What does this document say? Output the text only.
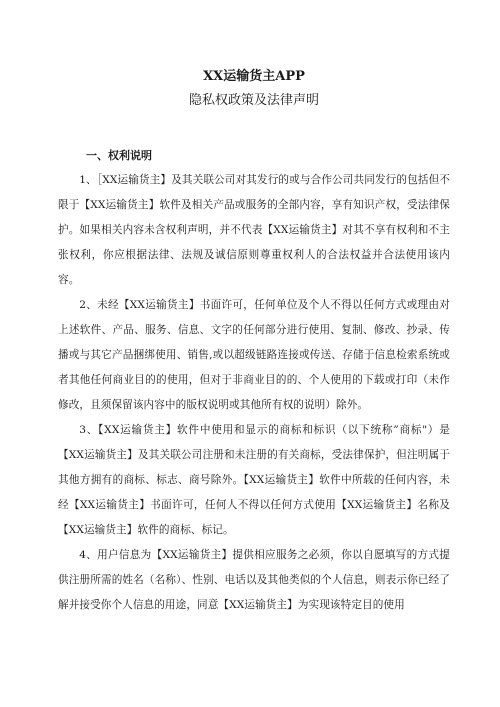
XX运输货主APP
隐私权政策及法律声明
一、权利说明

1、［XX运输货主】及其关联公司对其发行的或与合作公司共同发行的包括但不限于【XX运输货主】软件及相关产品或服务的全部内容，享有知识产权，受法律保护。如果相关内容未含权利声明，并不代表【XX运输货主】对其不享有权利和不主张权利，你应根据法律、法规及诚信原则尊重权利人的合法权益并合法使用该内容。

2、未经【XX运输货主】书面许可，任何单位及个人不得以任何方式或理由对上述软件、产品、服务、信息、文字的任何部分进行使用、复制、修改、抄录、传播或与其它产品捆绑使用、销售,或以超级链路连接或传送、存储于信息检索系统或者其他任何商业目的的使用，但对于非商业目的的、个人使用的下载或打印（未作修改，且须保留该内容中的版权说明或其他所有权的说明）除外。

3、【XX运输货主】软件中使用和显示的商标和标识（以下统称”商标"）是【XX运输货主】及其关联公司注册和未注册的有关商标，受法律保护，但注明属于其他方拥有的商标、标志、商号除外。【XX运输货主】软件中所载的任何内容，未经【XX运输货主】书面许可，任何人不得以任何方式使用【XX运输货主】名称及【XX运输货主】软件的商标、标记。

4、用户信息为【XX运输货主】提供相应服务之必须，你以自愿填写的方式提供注册所需的姓名（名称）、性别、电话以及其他类似的个人信息，则表示你已经了解并接受你个人信息的用途，同意【XX运输货主】为实现该特定目的使用
